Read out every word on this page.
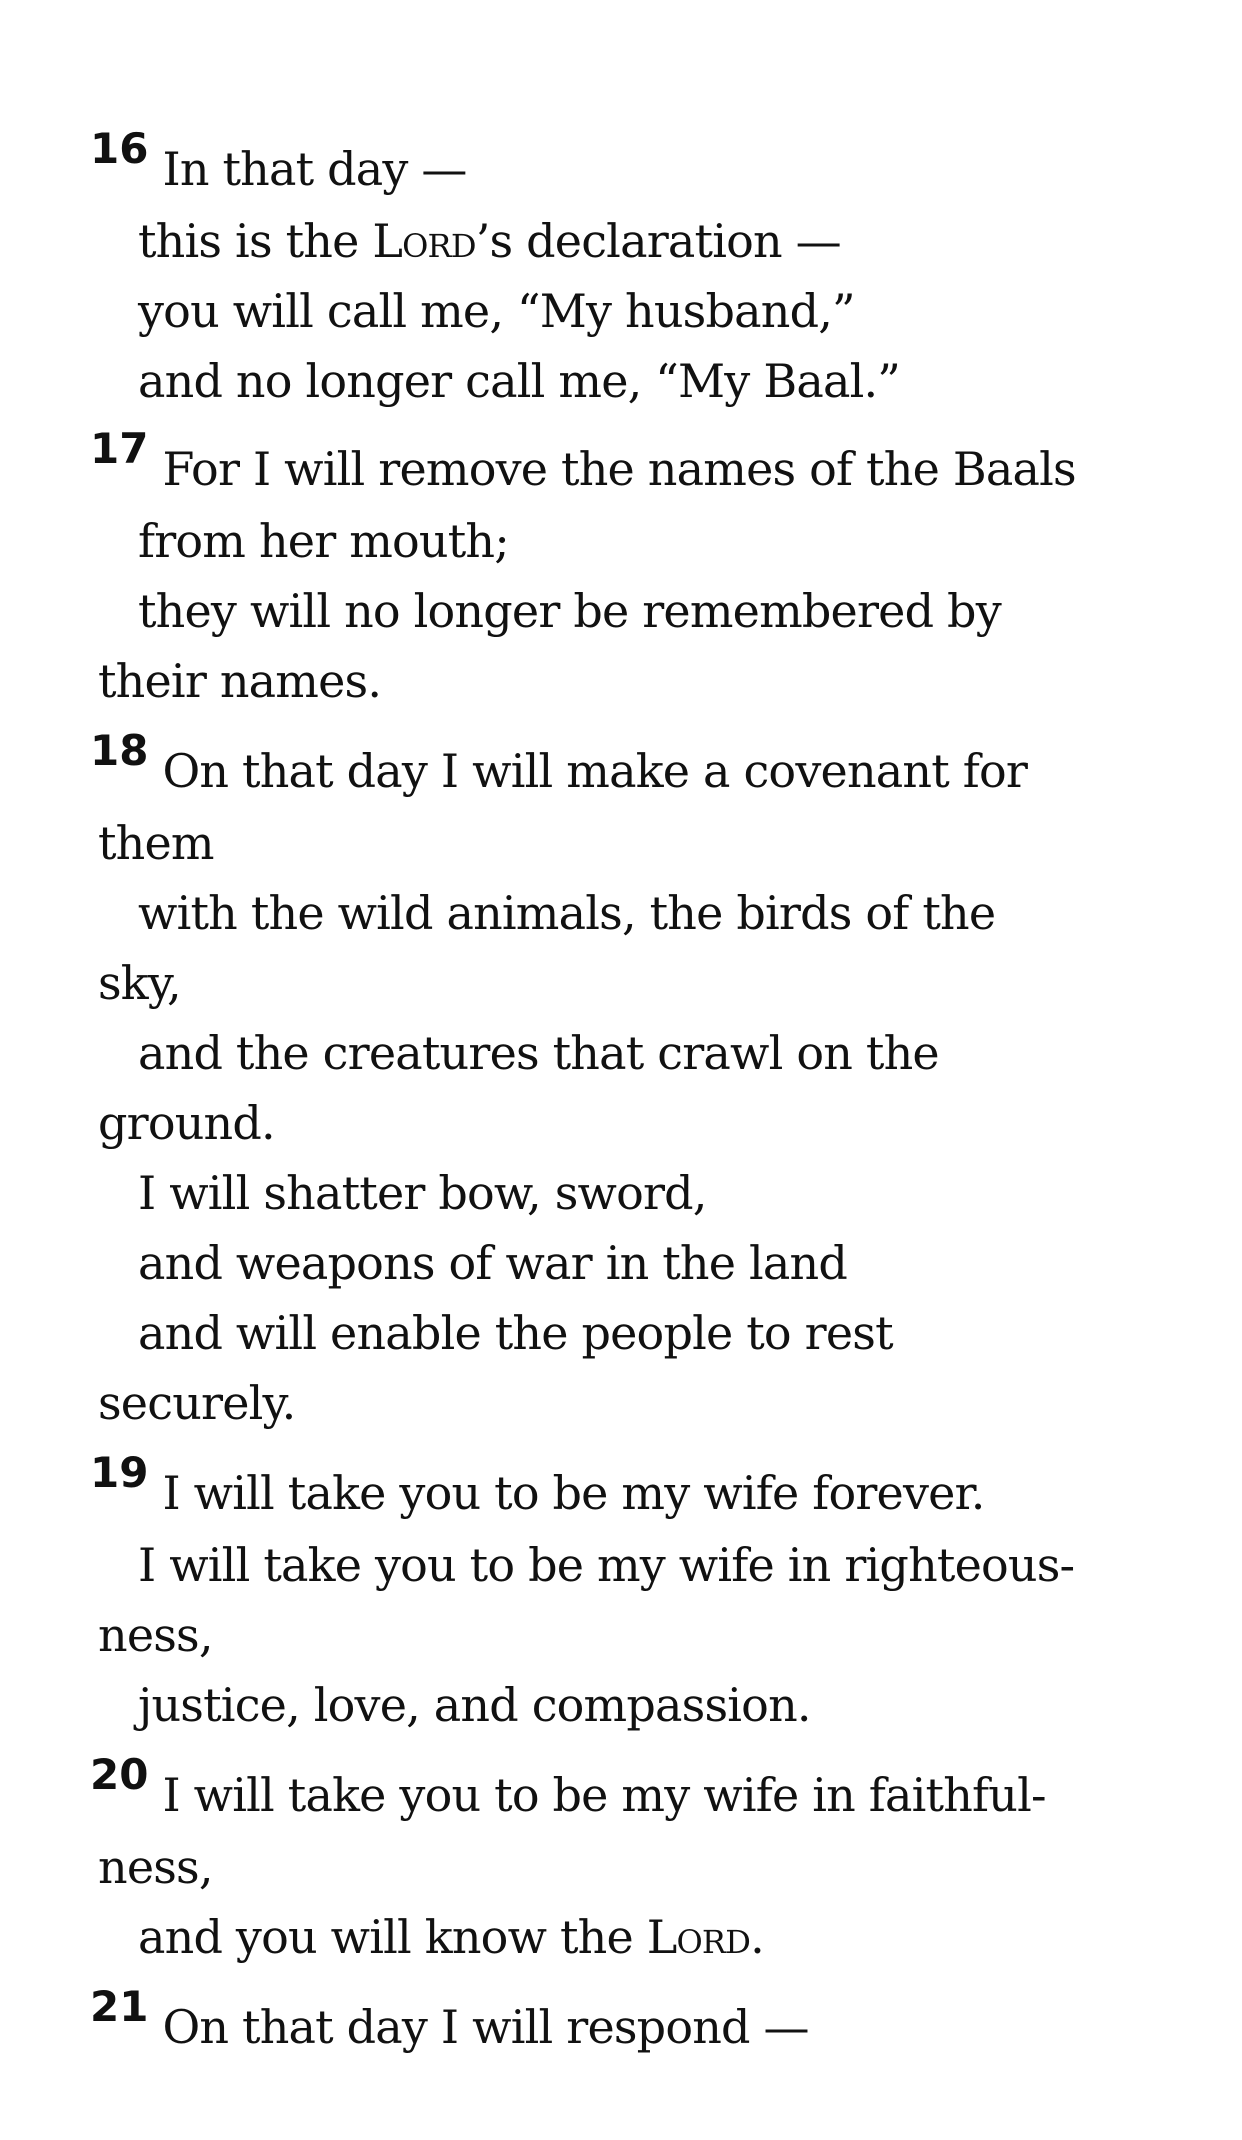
16 In that day —

this is the Lord’s declaration —

you will call me, “My husband,”

and no longer call me, “My Baal.”

17 For I will remove the names of the Baals

from her mouth;

they will no longer be remembered by

their names.

18 On that day I will make a covenant for

them

with the wild animals, the birds of the

sky,

and the creatures that crawl on the

ground.

I will shatter bow, sword,

and weapons of war in the land

and will enable the people to rest

securely.

19 I will take you to be my wife forever.

I will take you to be my wife in righteous-

ness,

justice, love, and compassion.

20 I will take you to be my wife in faithful-

ness,

and you will know the Lord.

21 On that day I will respond —
